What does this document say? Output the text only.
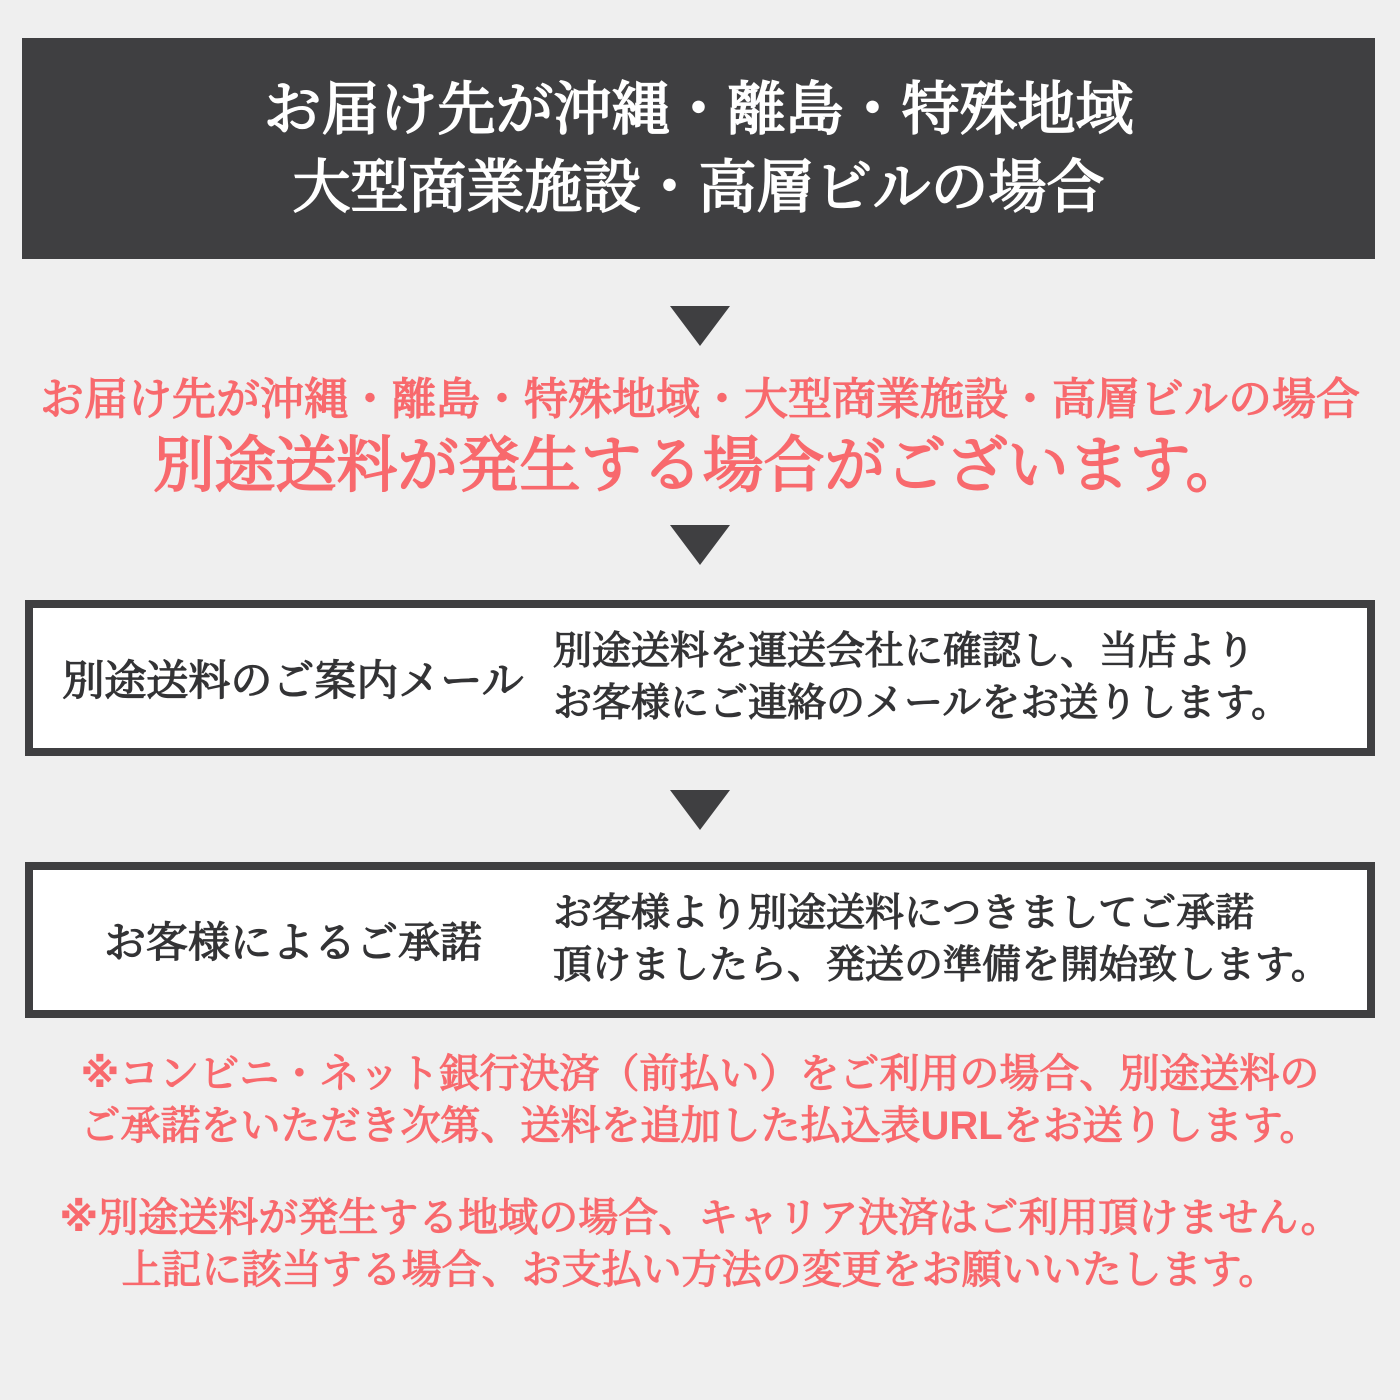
お届け先が沖縄・離島・特殊地域
大型商業施設・高層ビルの場合
お届け先が沖縄・離島・特殊地域・大型商業施設・高層ビルの場合
別途送料が発生する場合がございます。
別途送料のご案内メール
別途送料を運送会社に確認し、当店より
お客様にご連絡のメールをお送りします。
お客様によるご承諾
お客様より別途送料につきましてご承諾
頂けましたら、発送の準備を開始致します。

※コンビニ・ネット銀行決済（前払い）をご利用の場合、別途送料の
ご承諾をいただき次第、送料を追加した払込表URLをお送りします。

※別途送料が発生する地域の場合、キャリア決済はご利用頂けません。
上記に該当する場合、お支払い方法の変更をお願いいたします。
